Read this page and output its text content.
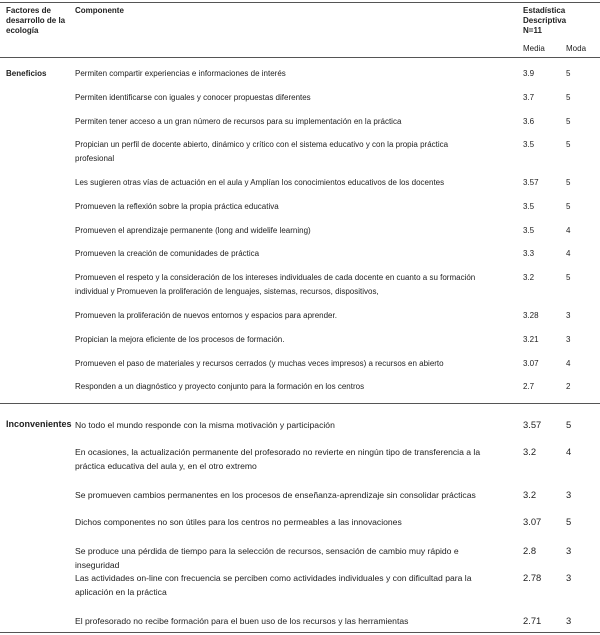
Factores de
desarrollo de la
ecología
Componente	Estadística
Descriptiva
N=11
Media	Moda
Beneficios	Permiten compartir experiencias e informaciones de interés	3.9	5
Permiten identificarse con iguales y conocer propuestas diferentes	3.7	5
Permiten tener acceso a un gran número de recursos para su implementación en la práctica	3.6	5
Propician un perfil de docente abierto, dinámico y crítico con el sistema educativo y con la propia práctica
profesional
3.5	5
Les sugieren otras vías de actuación en el aula y Amplían los conocimientos educativos de los docentes	3.57	5
Promueven la reflexión sobre la propia práctica educativa	3.5	5
Promueven el aprendizaje permanente (long and widelife learning)	3.5	4
Promueven la creación de comunidades de práctica	3.3	4
Promueven el respeto y la consideración de los intereses individuales de cada docente en cuanto a su formación
individual y Promueven la proliferación de lenguajes, sistemas, recursos, dispositivos,
3.2	5
Promueven la proliferación de nuevos entornos y espacios para aprender.	3.28	3
Propician la mejora eficiente de los procesos de formación.	3.21	3
Promueven el paso de materiales y recursos cerrados (y muchas veces impresos) a recursos en abierto	3.07	4
Responden a un diagnóstico y proyecto conjunto para la formación en los centros	2.7	2
Inconvenientes No todo el mundo responde con la misma motivación y participación	3.57	5
En ocasiones, la actualización permanente del profesorado no revierte en ningún tipo de transferencia a la
práctica educativa del aula y, en el otro extremo
3.2	4
Se promueven cambios permanentes en los procesos de enseñanza-aprendizaje sin consolidar prácticas	3.2	3
Dichos componentes no son útiles para los centros no permeables a las innovaciones	3.07	5
Se produce una pérdida de tiempo para la selección de recursos, sensación de cambio muy rápido e inseguridad
2.8	3
Las actividades on-line con frecuencia se perciben como actividades individuales y con dificultad para la
aplicación en la práctica
2.78	3
El profesorado no recibe formación para el buen uso de los recursos y las herramientas	2.71	3
